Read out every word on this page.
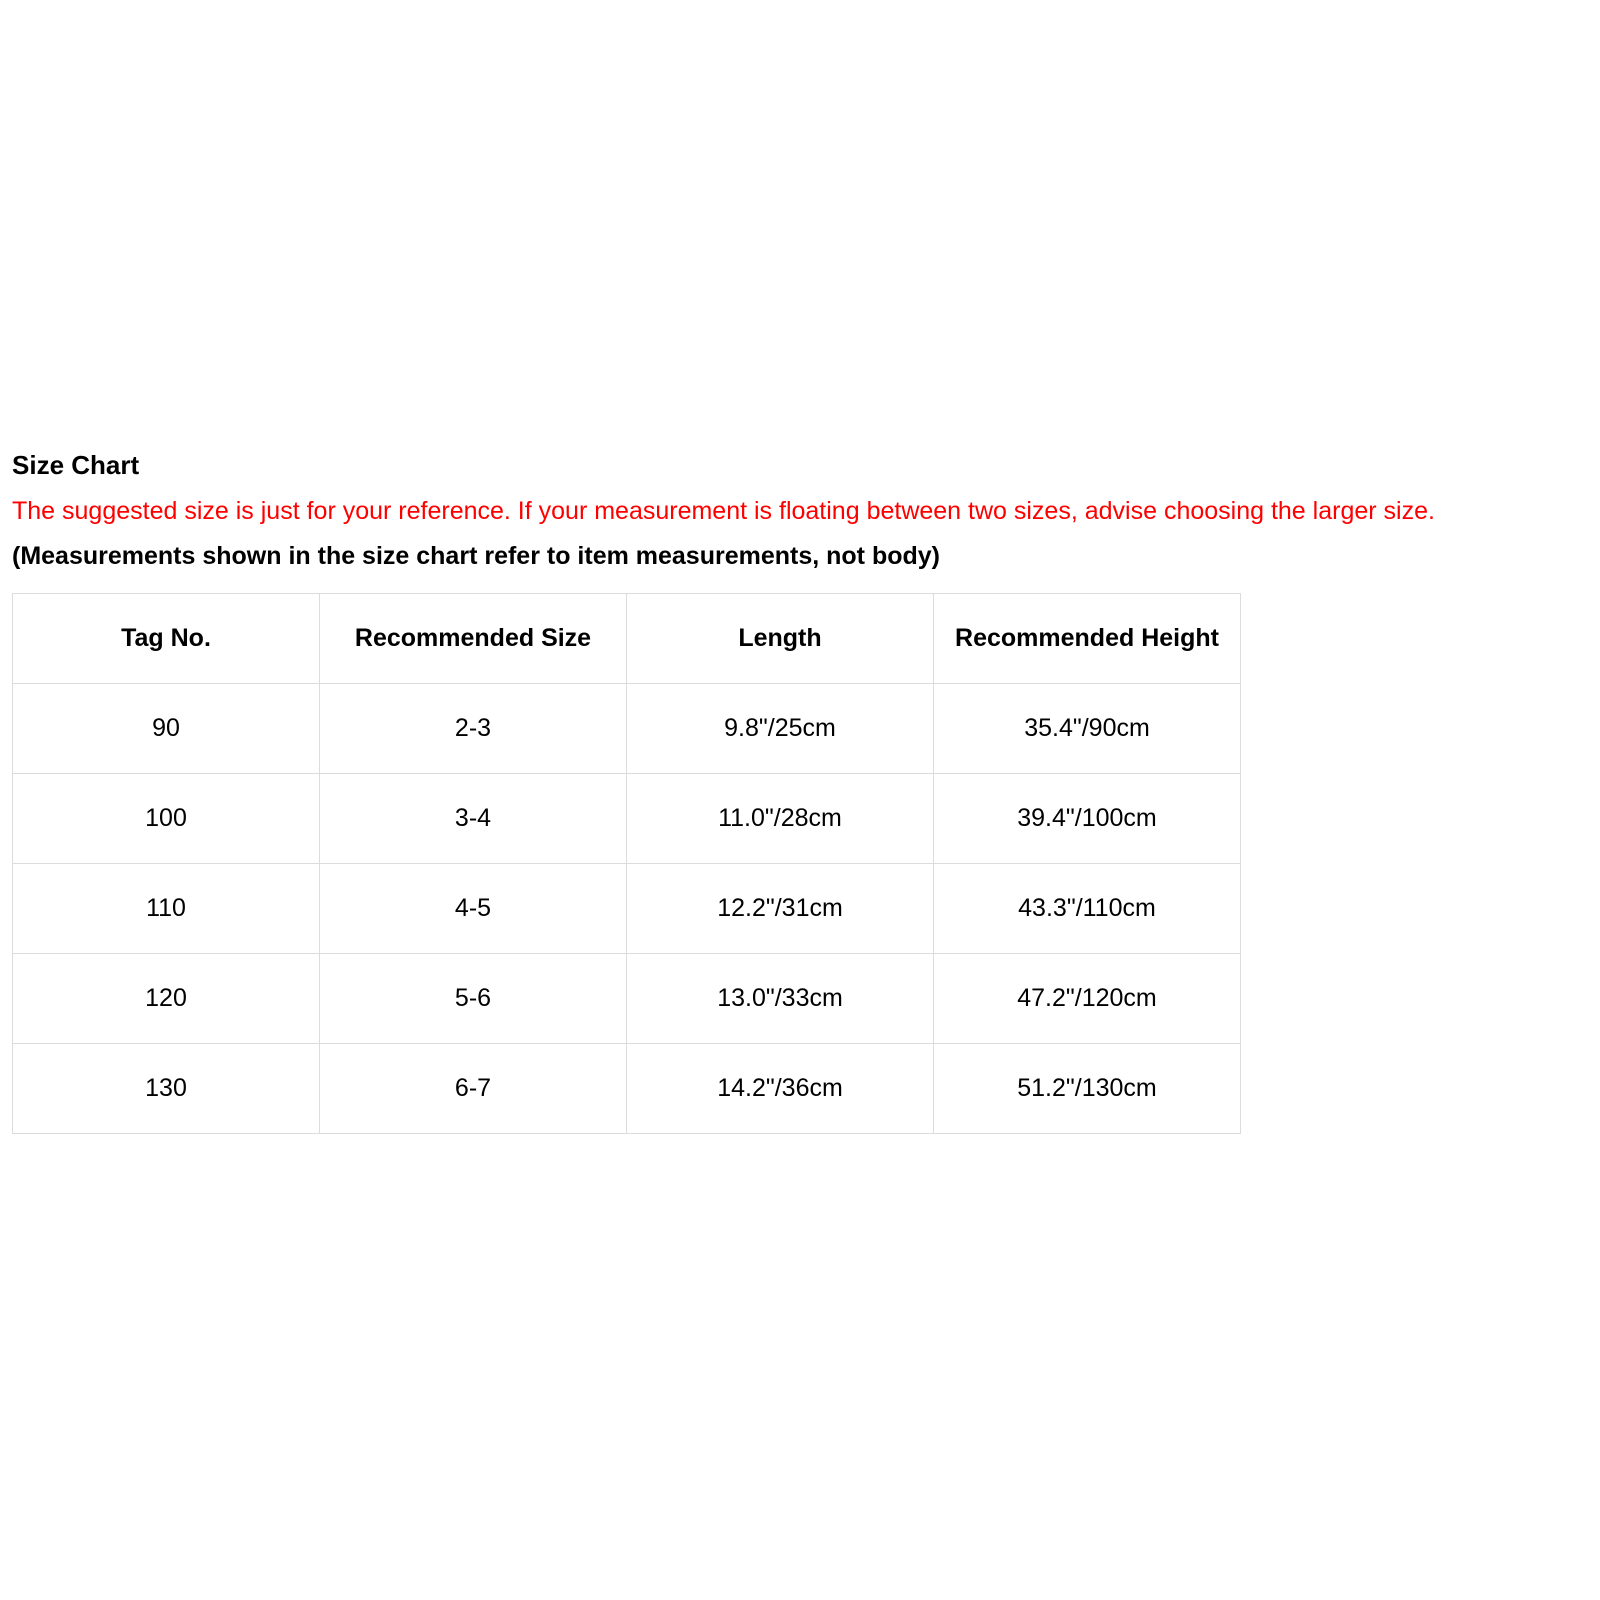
Size Chart
The suggested size is just for your reference. If your measurement is floating between two sizes, advise choosing the larger size.
(Measurements shown in the size chart refer to item measurements, not body)
Tag No.	Recommended Size	Length	Recommended Height
90	2-3	9.8"/25cm	35.4"/90cm
100	3-4	11.0"/28cm	39.4"/100cm
110	4-5	12.2"/31cm	43.3"/110cm
120	5-6	13.0"/33cm	47.2"/120cm
130	6-7	14.2"/36cm	51.2"/130cm
